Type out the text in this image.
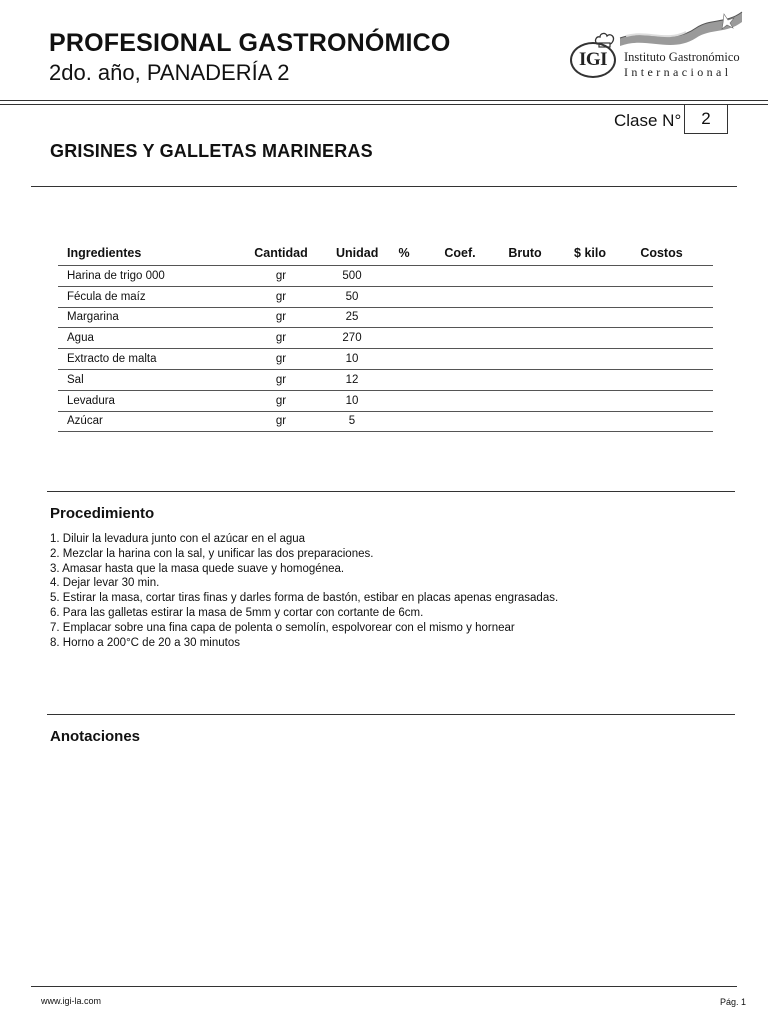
PROFESIONAL GASTRONÓMICO
2do. año, PANADERÍA 2
IGI	Instituto Gastronómico
Internacional
Clase N°	2
GRISINES Y GALLETAS MARINERAS
Ingredientes	Cantidad	Unidad	%	Coef.	Bruto	$ kilo	Costos
Harina de trigo 000	gr	500					
Fécula de maíz	gr	50					
Margarina	gr	25					
Agua	gr	270					
Extracto de malta	gr	10					
Sal	gr	12					
Levadura	gr	10					
Azúcar	gr	5					
Procedimiento
1. Diluir la levadura junto con el azúcar en el agua
2. Mezclar la harina con la sal, y unificar las dos preparaciones.
3. Amasar hasta que la masa quede suave y homogénea.
4. Dejar levar 30 min.
5. Estirar la masa, cortar tiras finas y darles forma de bastón, estibar en placas apenas engrasadas.
6. Para las galletas estirar la masa de 5mm y cortar con cortante de 6cm.
7. Emplacar sobre una fina capa de polenta o semolín, espolvorear con el mismo y hornear
8. Horno a 200°C de 20 a 30 minutos
Anotaciones
www.igi-la.com	Pág. 1
